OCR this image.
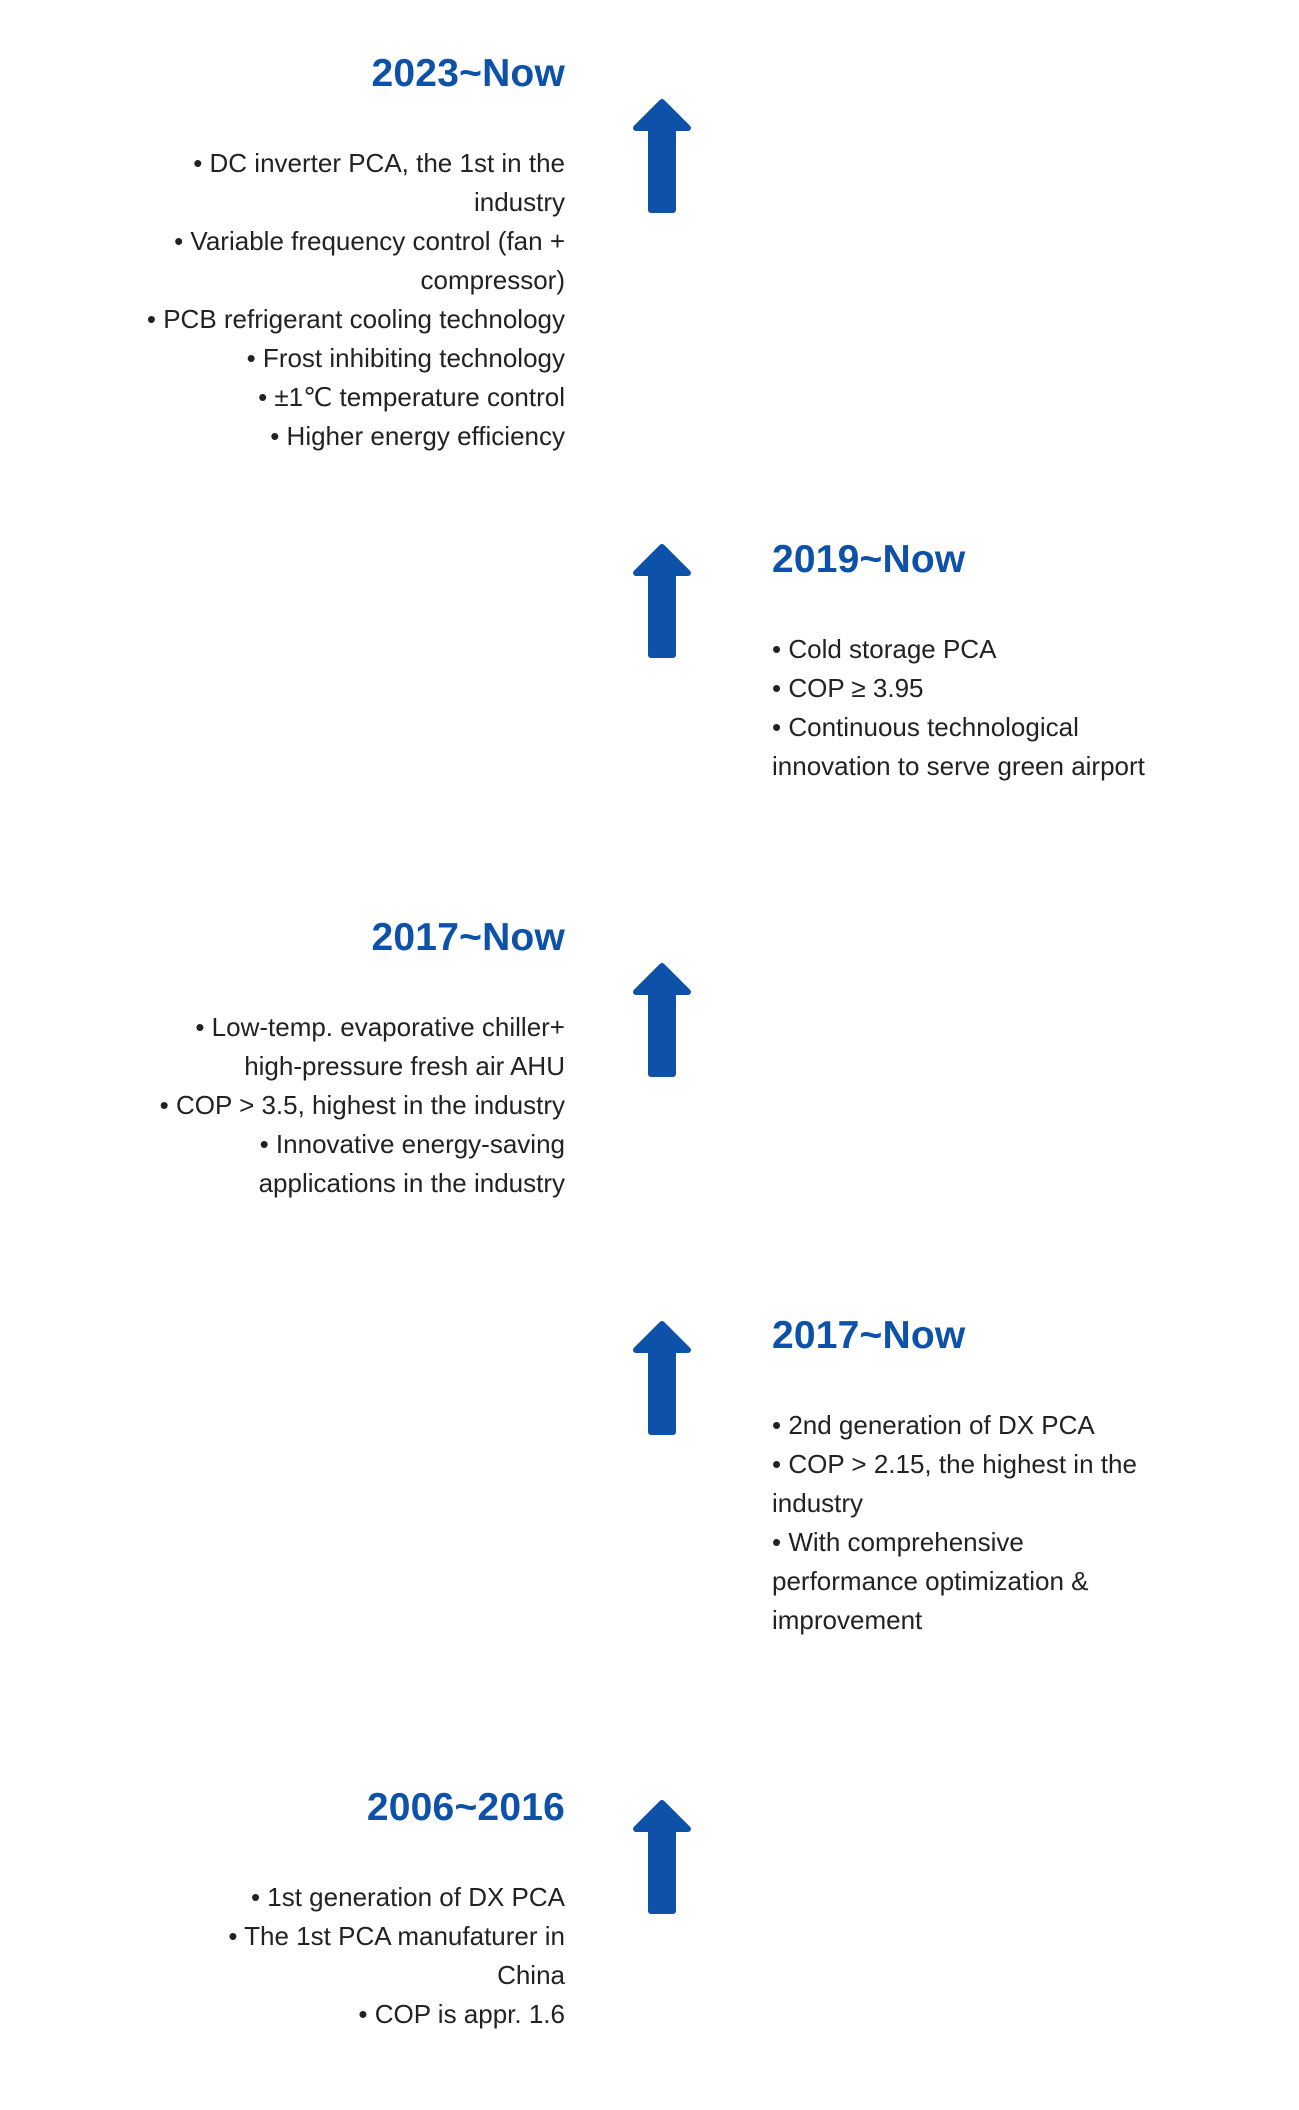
2023~Now
• DC inverter PCA, the 1st in the
industry
• Variable frequency control (fan +
compressor)
• PCB refrigerant cooling technology
• Frost inhibiting technology
• ±1℃ temperature control
• Higher energy efficiency
2019~Now
• Cold storage PCA
• COP ≥ 3.95
• Continuous technological
innovation to serve green airport
2017~Now
• Low-temp. evaporative chiller+
high-pressure fresh air AHU
• COP > 3.5, highest in the industry
• Innovative energy-saving
applications in the industry
2017~Now
• 2nd generation of DX PCA
• COP > 2.15, the highest in the
industry
• With comprehensive
performance optimization &
improvement
2006~2016
• 1st generation of DX PCA
• The 1st PCA manufaturer in
China
• COP is appr. 1.6
